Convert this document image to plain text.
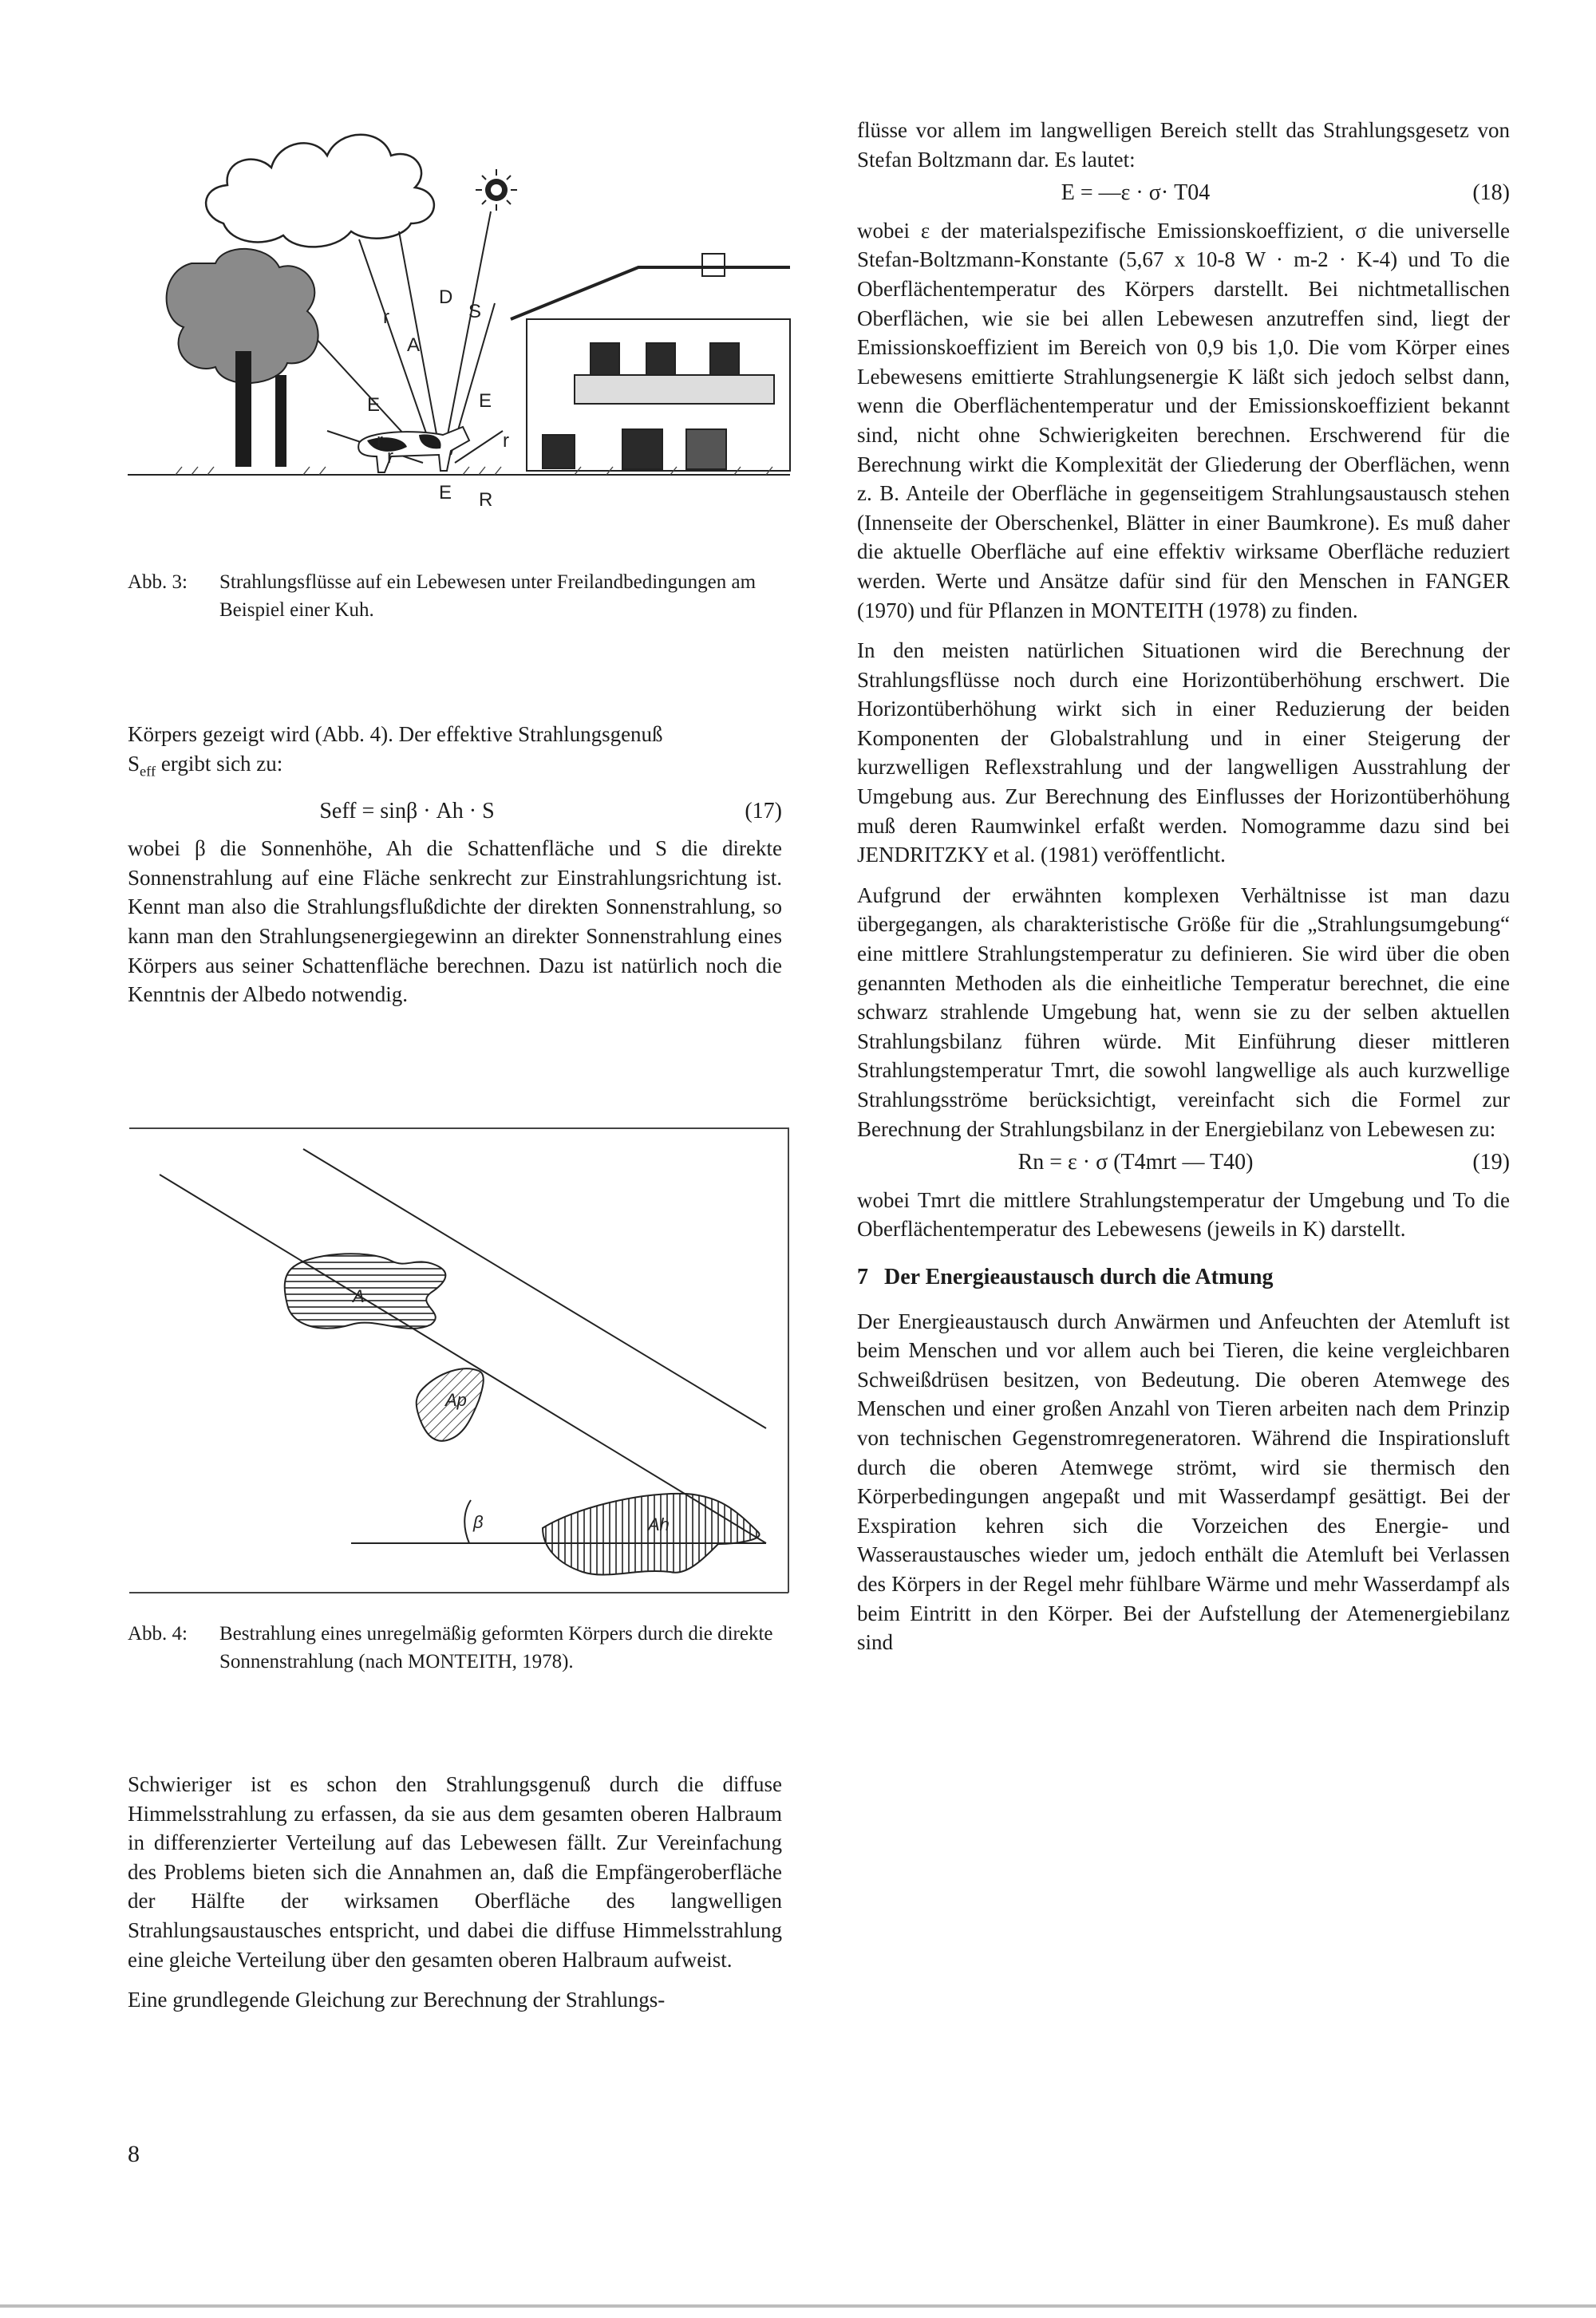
D
S
A
E	E
E
r
r	r
r
R
Abb. 3: Strahlungsflüsse auf ein Lebewesen unter Freilandbedingungen am Beispiel einer Kuh.

Körpers gezeigt wird (Abb. 4). Der effektive Strahlungsgenuß

$S_{eff}$ ergibt sich zu:

Seff = sinβ · Ah · S	(17)

wobei β die Sonnenhöhe, Ah die Schattenfläche und S die direkte Sonnenstrahlung auf eine Fläche senkrecht zur Einstrahlungsrichtung ist. Kennt man also die Strahlungsflußdichte der direkten Sonnenstrahlung, so kann man den Strahlungsenergiegewinn an direkter Sonnenstrahlung eines Körpers aus seiner Schattenfläche berechnen. Dazu ist natürlich noch die Kenntnis der Albedo notwendig.

A
Ap
Ah
β
Abb. 4: Bestrahlung eines unregelmäßig geformten Körpers durch die direkte Sonnenstrahlung (nach MONTEITH, 1978).

Schwieriger ist es schon den Strahlungsgenuß durch die diffuse Himmelsstrahlung zu erfassen, da sie aus dem gesamten oberen Halbraum in differenzierter Verteilung auf das Lebewesen fällt. Zur Vereinfachung des Problems bieten sich die Annahmen an, daß die Empfängeroberfläche der Hälfte der wirksamen Oberfläche des langwelligen Strahlungsaustausches entspricht, und dabei die diffuse Himmelsstrahlung eine gleiche Verteilung über den gesamten oberen Halbraum aufweist.

Eine grundlegende Gleichung zur Berechnung der Strahlungs-

flüsse vor allem im langwelligen Bereich stellt das Strahlungsgesetz von Stefan Boltzmann dar. Es lautet:

E = —ε · σ· T04	(18)

wobei ε der materialspezifische Emissionskoeffizient, σ die universelle Stefan-Boltzmann-Konstante (5,67 x 10-8 W · m-2 · K-4) und To die Oberflächentemperatur des Körpers darstellt. Bei nichtmetallischen Oberflächen, wie sie bei allen Lebewesen anzutreffen sind, liegt der Emissionskoeffizient im Bereich von 0,9 bis 1,0. Die vom Körper eines Lebewesens emittierte Strahlungsenergie K läßt sich jedoch selbst dann, wenn die Oberflächentemperatur und der Emissionskoeffizient bekannt sind, nicht ohne Schwierigkeiten berechnen. Erschwerend für die Berechnung wirkt die Komplexität der Gliederung der Oberflächen, wenn z. B. Anteile der Oberfläche in gegenseitigem Strahlungsaustausch stehen (Innenseite der Oberschenkel, Blätter in einer Baumkrone). Es muß daher die aktuelle Oberfläche auf eine effektiv wirksame Oberfläche reduziert werden. Werte und Ansätze dafür sind für den Menschen in FANGER (1970) und für Pflanzen in MONTEITH (1978) zu finden.

In den meisten natürlichen Situationen wird die Berechnung der Strahlungsflüsse noch durch eine Horizontüberhöhung erschwert. Die Horizontüberhöhung wirkt sich in einer Reduzierung der beiden Komponenten der Globalstrahlung und in einer Steigerung der kurzwelligen Reflexstrahlung und der langwelligen Ausstrahlung der Umgebung aus. Zur Berechnung des Einflusses der Horizontüberhöhung muß deren Raumwinkel erfaßt werden. Nomogramme dazu sind bei JENDRITZKY et al. (1981) veröffentlicht.

Aufgrund der erwähnten komplexen Verhältnisse ist man dazu übergegangen, als charakteristische Größe für die „Strahlungsumgebung“ eine mittlere Strahlungstemperatur zu definieren. Sie wird über die oben genannten Methoden als die einheitliche Temperatur berechnet, die eine schwarz strahlende Umgebung hat, wenn sie zu der selben aktuellen Strahlungsbilanz führen würde. Mit Einführung dieser mittleren Strahlungstemperatur Tmrt, die sowohl langwellige als auch kurzwellige Strahlungsströme berücksichtigt, vereinfacht sich die Formel zur Berechnung der Strahlungsbilanz in der Energiebilanz von Lebewesen zu:

Rn = ε · σ (T4mrt — T40)	(19)

wobei Tmrt die mittlere Strahlungstemperatur der Umgebung und To die Oberflächentemperatur des Lebewesens (jeweils in K) darstellt.

7 Der Energieaustausch durch die Atmung

Der Energieaustausch durch Anwärmen und Anfeuchten der Atemluft ist beim Menschen und vor allem auch bei Tieren, die keine vergleichbaren Schweißdrüsen besitzen, von Bedeutung. Die oberen Atemwege des Menschen und einer großen Anzahl von Tieren arbeiten nach dem Prinzip von technischen Gegenstromregeneratoren. Während die Inspirationsluft durch die oberen Atemwege strömt, wird sie thermisch den Körperbedingungen angepaßt und mit Wasserdampf gesättigt. Bei der Exspiration kehren sich die Vorzeichen des Energie- und Wasseraustausches wieder um, jedoch enthält die Atemluft bei Verlassen des Körpers in der Regel mehr fühlbare Wärme und mehr Wasserdampf als beim Eintritt in den Körper. Bei der Aufstellung der Atemenergiebilanz sind

8
